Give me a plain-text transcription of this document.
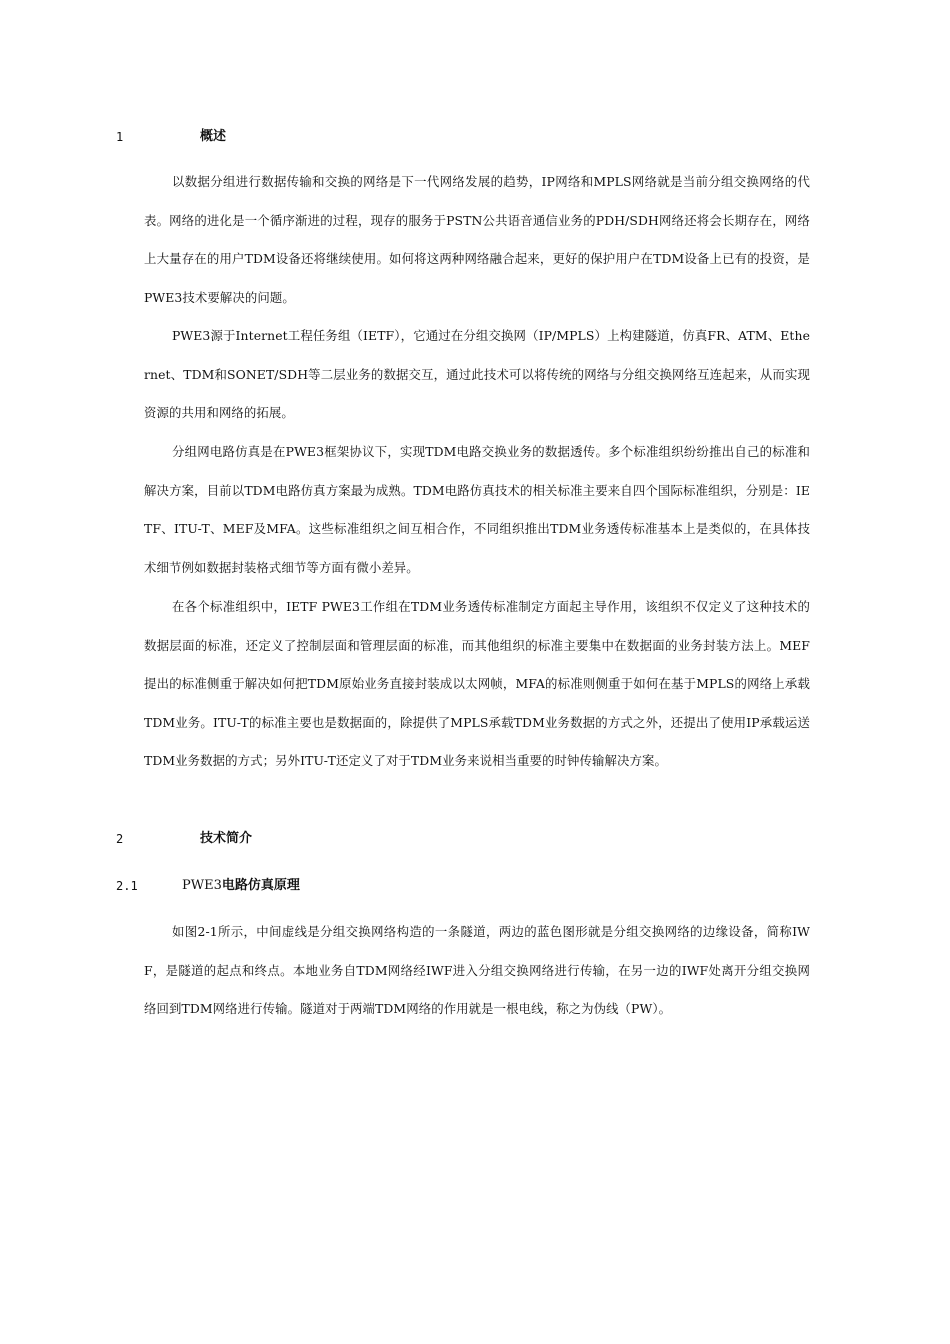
1	概述

以数据分组进行数据传输和交换的网络是下一代网络发展的趋势，IP网络和MPLS网络就是当前分组交换网络的代表。网络的进化是一个循序渐进的过程，现存的服务于PSTN公共语音通信业务的PDH/SDH网络还将会长期存在，网络上大量存在的用户TDM设备还将继续使用。如何将这两种网络融合起来，更好的保护用户在TDM设备上已有的投资，是PWE3技术要解决的问题。

PWE3源于Internet工程任务组（IETF），它通过在分组交换网（IP/MPLS）上构建隧道，仿真FR、ATM、Ethernet、TDM和SONET/SDH等二层业务的数据交互，通过此技术可以将传统的网络与分组交换网络互连起来，从而实现资源的共用和网络的拓展。

分组网电路仿真是在PWE3框架协议下，实现TDM电路交换业务的数据透传。多个标准组织纷纷推出自己的标准和解决方案，目前以TDM电路仿真方案最为成熟。TDM电路仿真技术的相关标准主要来自四个国际标准组织，分别是：IETF、ITU-T、MEF及MFA。这些标准组织之间互相合作，不同组织推出TDM业务透传标准基本上是类似的，在具体技术细节例如数据封装格式细节等方面有微小差异。

在各个标准组织中，IETF PWE3工作组在TDM业务透传标准制定方面起主导作用，该组织不仅定义了这种技术的数据层面的标准，还定义了控制层面和管理层面的标准，而其他组织的标准主要集中在数据面的业务封装方法上。MEF提出的标准侧重于解决如何把TDM原始业务直接封装成以太网帧，MFA的标准则侧重于如何在基于MPLS的网络上承载TDM业务。ITU-T的标准主要也是数据面的，除提供了MPLS承载TDM业务数据的方式之外，还提出了使用IP承载运送TDM业务数据的方式；另外ITU-T还定义了对于TDM业务来说相当重要的时钟传输解决方案。

2	技术简介
2.1	PWE3电路仿真原理

如图2-1所示，中间虚线是分组交换网络构造的一条隧道，两边的蓝色图形就是分组交换网络的边缘设备，简称IWF，是隧道的起点和终点。本地业务自TDM网络经IWF进入分组交换网络进行传输，在另一边的IWF处离开分组交换网络回到TDM网络进行传输。隧道对于两端TDM网络的作用就是一根电线，称之为伪线（PW）。
